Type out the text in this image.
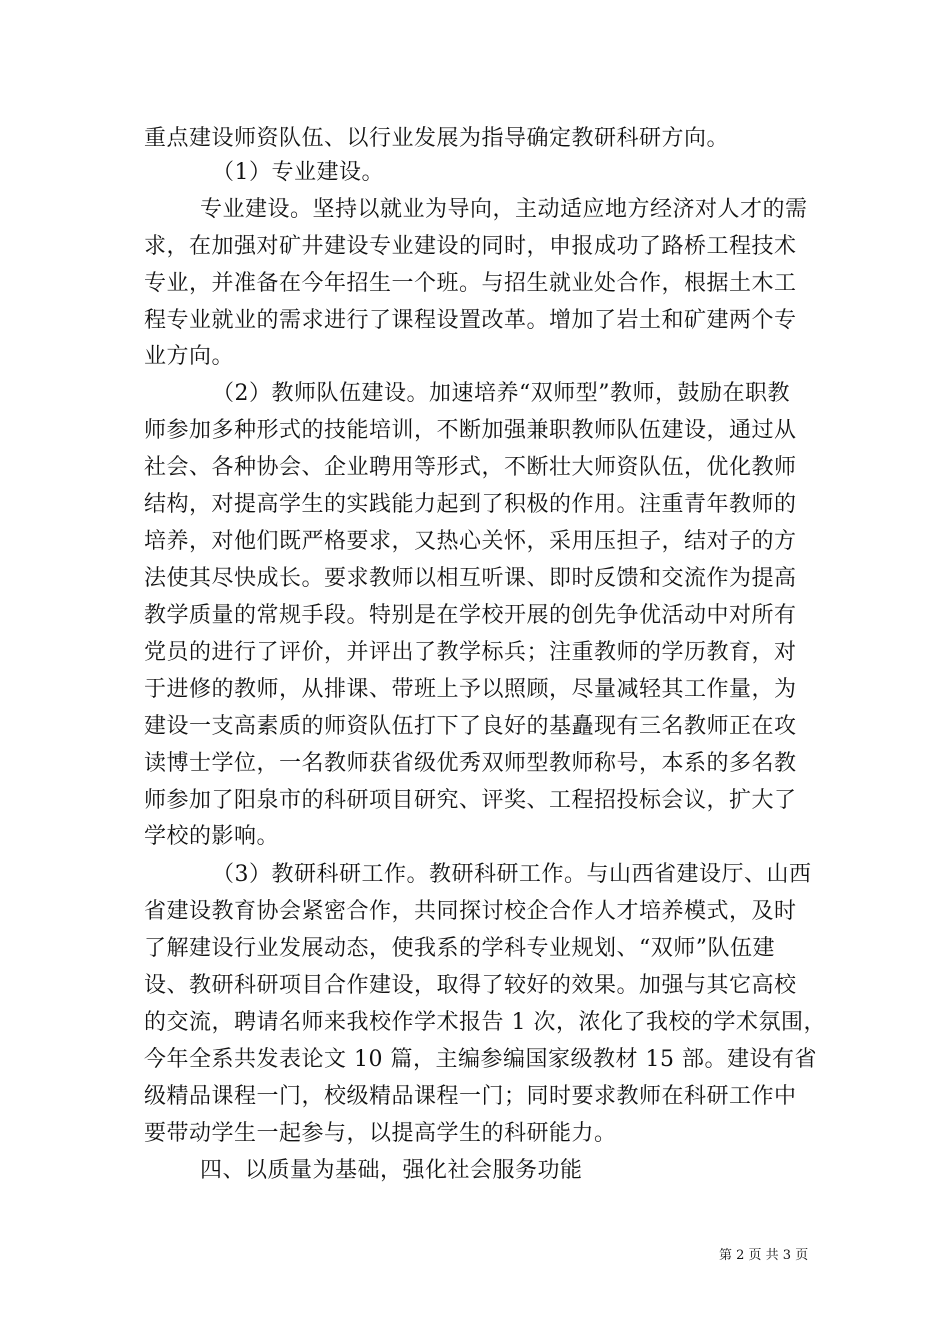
重点建设师资队伍、以行业发展为指导确定教研科研方向。
（1）专业建设。
专业建设。坚持以就业为导向，主动适应地方经济对人才的需
求，在加强对矿井建设专业建设的同时，申报成功了路桥工程技术
专业，并准备在今年招生一个班。与招生就业处合作，根据土木工
程专业就业的需求进行了课程设置改革。增加了岩土和矿建两个专
业方向。
（2）教师队伍建设。加速培养“双师型”教师，鼓励在职教
师参加多种形式的技能培训，不断加强兼职教师队伍建设，通过从
社会、各种协会、企业聘用等形式，不断壮大师资队伍，优化教师
结构，对提高学生的实践能力起到了积极的作用。注重青年教师的
培养，对他们既严格要求，又热心关怀，采用压担子，结对子的方
法使其尽快成长。要求教师以相互听课、即时反馈和交流作为提高
教学质量的常规手段。特别是在学校开展的创先争优活动中对所有
党员的进行了评价，并评出了教学标兵；注重教师的学历教育，对
于进修的教师，从排课、带班上予以照顾，尽量减轻其工作量，为
建设一支高素质的师资队伍打下了良好的基矗现有三名教师正在攻
读博士学位，一名教师获省级优秀双师型教师称号，本系的多名教
师参加了阳泉市的科研项目研究、评奖、工程招投标会议，扩大了
学校的影响。
（3）教研科研工作。教研科研工作。与山西省建设厅、山西
省建设教育协会紧密合作，共同探讨校企合作人才培养模式，及时
了解建设行业发展动态，使我系的学科专业规划、“双师”队伍建
设、教研科研项目合作建设，取得了较好的效果。加强与其它高校
的交流，聘请名师来我校作学术报告 1 次，浓化了我校的学术氛围，
今年全系共发表论文 10 篇，主编参编国家级教材 15 部。建设有省
级精品课程一门，校级精品课程一门；同时要求教师在科研工作中
要带动学生一起参与，以提高学生的科研能力。
四、以质量为基础，强化社会服务功能
第 2 页 共 3 页
